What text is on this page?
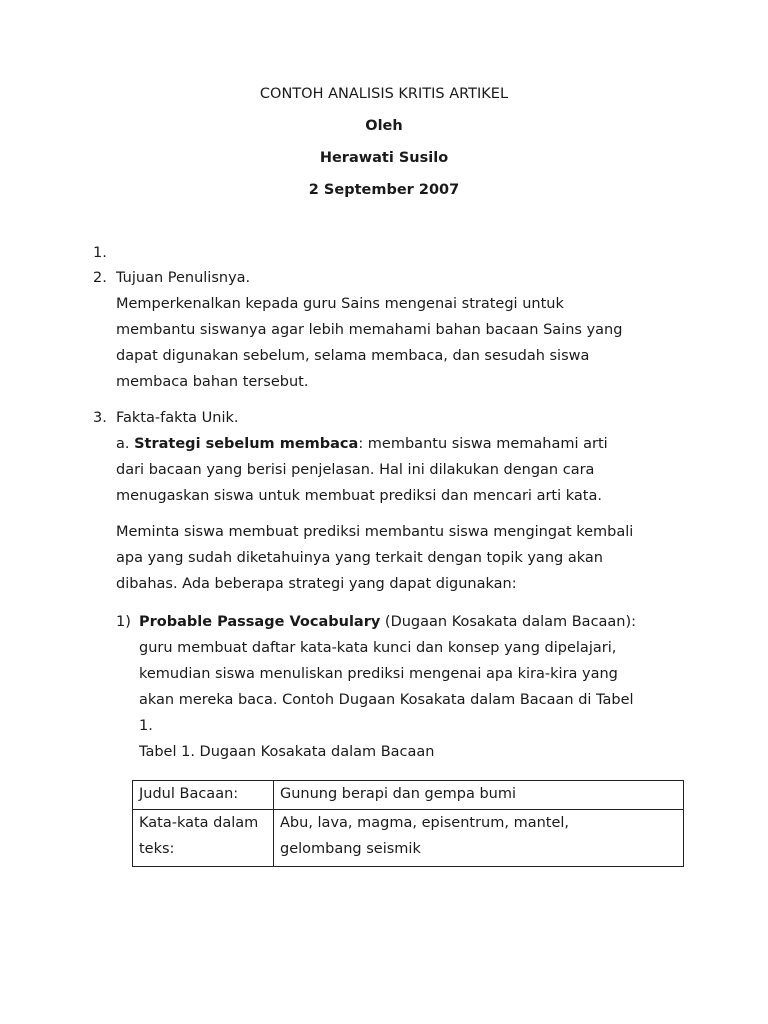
CONTOH ANALISIS KRITIS ARTIKEL
Oleh
Herawati Susilo
2 September 2007
1.
2. Tujuan Penulisnya.
Memperkenalkan kepada guru Sains mengenai strategi untuk
membantu siswanya agar lebih memahami bahan bacaan Sains yang
dapat digunakan sebelum, selama membaca, dan sesudah siswa
membaca bahan tersebut.
3. Fakta-fakta Unik.
a. Strategi sebelum membaca: membantu siswa memahami arti
dari bacaan yang berisi penjelasan. Hal ini dilakukan dengan cara
menugaskan siswa untuk membuat prediksi dan mencari arti kata.
Meminta siswa membuat prediksi membantu siswa mengingat kembali
apa yang sudah diketahuinya yang terkait dengan topik yang akan
dibahas. Ada beberapa strategi yang dapat digunakan:
1) Probable Passage Vocabulary (Dugaan Kosakata dalam Bacaan):
guru membuat daftar kata-kata kunci dan konsep yang dipelajari,
kemudian siswa menuliskan prediksi mengenai apa kira-kira yang
akan mereka baca. Contoh Dugaan Kosakata dalam Bacaan di Tabel
1.
Tabel 1. Dugaan Kosakata dalam Bacaan
Judul Bacaan:	Gunung berapi dan gempa bumi
Kata-kata dalam
teks:	Abu, lava, magma, episentrum, mantel,
gelombang seismik
